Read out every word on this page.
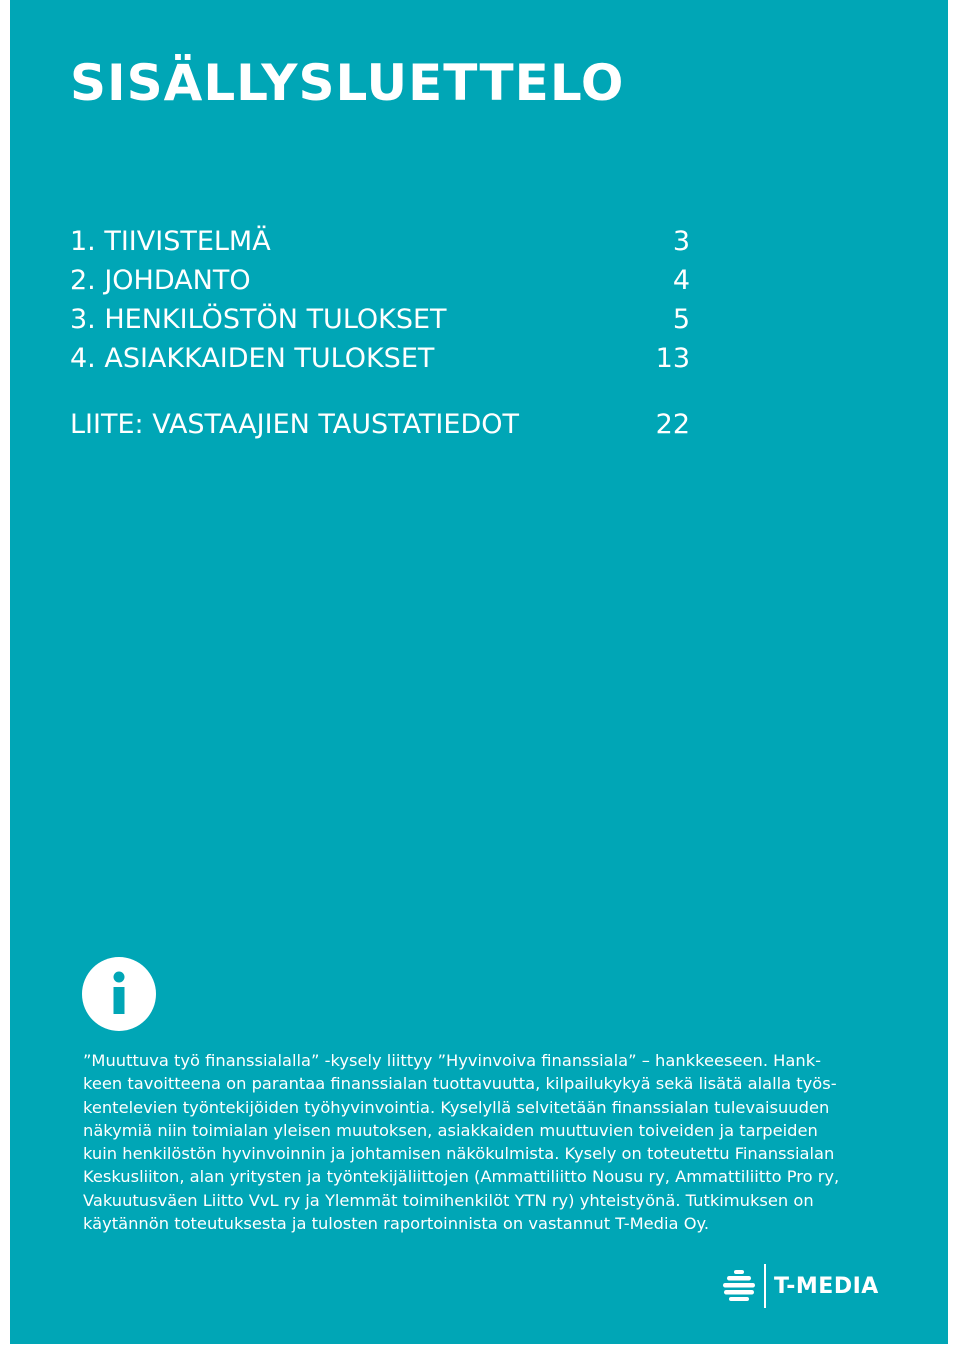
SISÄLLYSLUETTELO
1. TIIVISTELMÄ	3
2. JOHDANTO	4
3. HENKILÖSTÖN TULOKSET	5
4. ASIAKKAIDEN TULOKSET	13
LIITE: VASTAAJIEN TAUSTATIEDOT	22

”Muuttuva työ finanssialalla” -kysely liittyy ”Hyvinvoiva finanssiala” – hankkeeseen. Hank-

keen tavoitteena on parantaa finanssialan tuottavuutta, kilpailukykyä sekä lisätä alalla työs-

kentelevien työntekijöiden työhyvinvointia. Kyselyllä selvitetään finanssialan tulevaisuuden

näkymiä niin toimialan yleisen muutoksen, asiakkaiden muuttuvien toiveiden ja tarpeiden

kuin henkilöstön hyvinvoinnin ja johtamisen näkökulmista. Kysely on toteutettu Finanssialan

Keskusliiton, alan yritysten ja työntekijäliittojen (Ammattiliitto Nousu ry, Ammattiliitto Pro ry,

Vakuutusväen Liitto VvL ry ja Ylemmät toimihenkilöt YTN ry) yhteistyönä. Tutkimuksen on

käytännön toteutuksesta ja tulosten raportoinnista on vastannut T-Media Oy.

T-MEDIA
